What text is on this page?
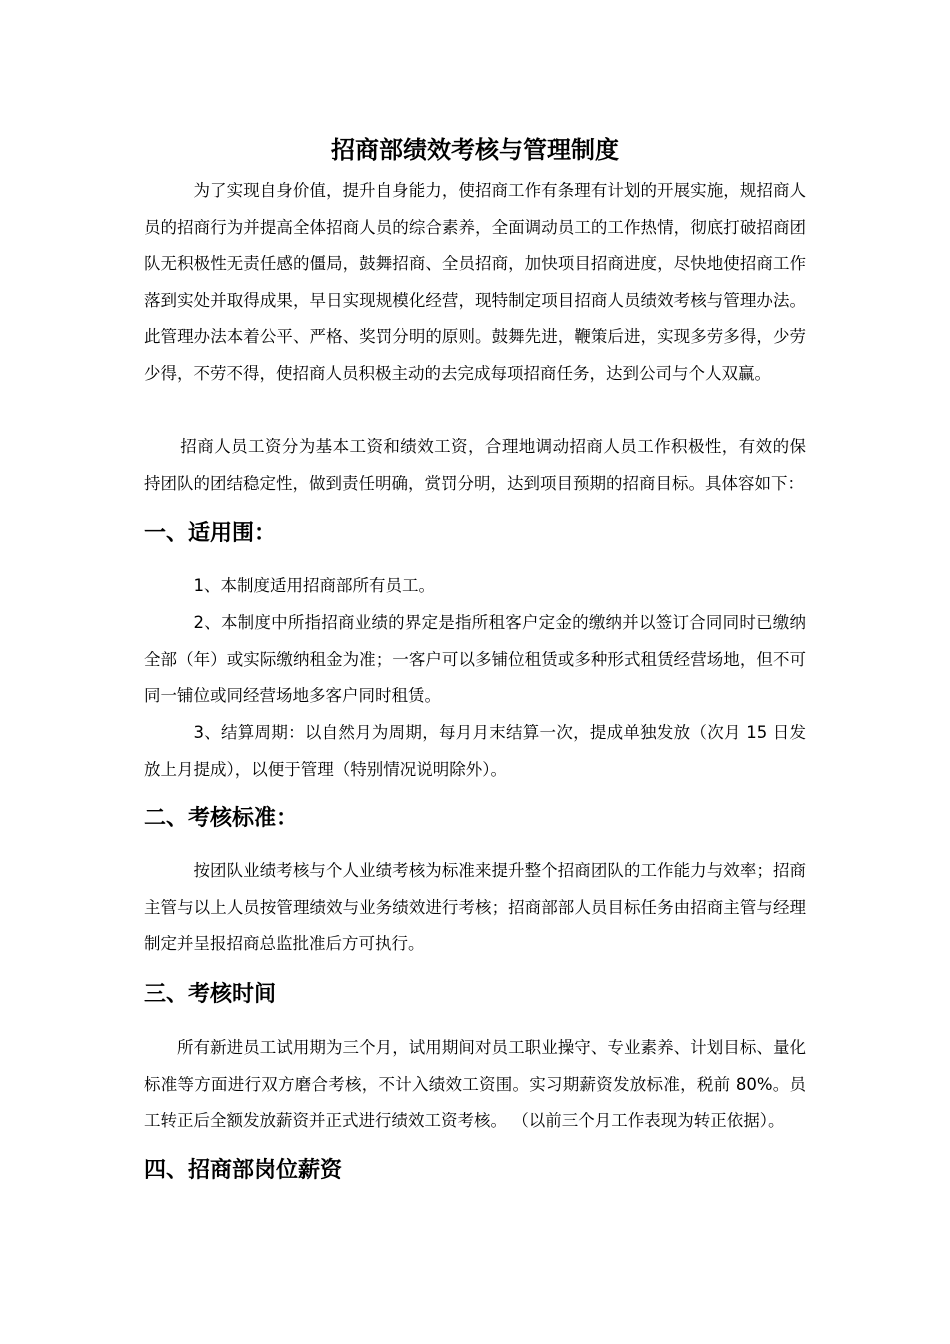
招商部绩效考核与管理制度

为了实现自身价值，提升自身能力，使招商工作有条理有计划的开展实施，规招商人员的招商行为并提高全体招商人员的综合素养，全面调动员工的工作热情，彻底打破招商团队无积极性无责任感的僵局，鼓舞招商、全员招商，加快项目招商进度，尽快地使招商工作落到实处并取得成果，早日实现规模化经营，现特制定项目招商人员绩效考核与管理办法。此管理办法本着公平、严格、奖罚分明的原则。鼓舞先进，鞭策后进，实现多劳多得，少劳少得，不劳不得，使招商人员积极主动的去完成每项招商任务，达到公司与个人双赢。

招商人员工资分为基本工资和绩效工资，合理地调动招商人员工作积极性，有效的保持团队的团结稳定性，做到责任明确，赏罚分明，达到项目预期的招商目标。具体容如下：

一、适用围：

1、本制度适用招商部所有员工。

2、本制度中所指招商业绩的界定是指所租客户定金的缴纳并以签订合同同时已缴纳全部（年）或实际缴纳租金为准；一客户可以多铺位租赁或多种形式租赁经营场地，但不可同一铺位或同经营场地多客户同时租赁。

3、结算周期：以自然月为周期，每月月末结算一次，提成单独发放（次月 15 日发放上月提成），以便于管理（特别情况说明除外）。

二、考核标准：

按团队业绩考核与个人业绩考核为标准来提升整个招商团队的工作能力与效率；招商主管与以上人员按管理绩效与业务绩效进行考核；招商部部人员目标任务由招商主管与经理制定并呈报招商总监批准后方可执行。

三、考核时间

所有新进员工试用期为三个月，试用期间对员工职业操守、专业素养、计划目标、量化标准等方面进行双方磨合考核，不计入绩效工资围。实习期薪资发放标准，税前 80%。员工转正后全额发放薪资并正式进行绩效工资考核。 （以前三个月工作表现为转正依据）。

四、招商部岗位薪资
